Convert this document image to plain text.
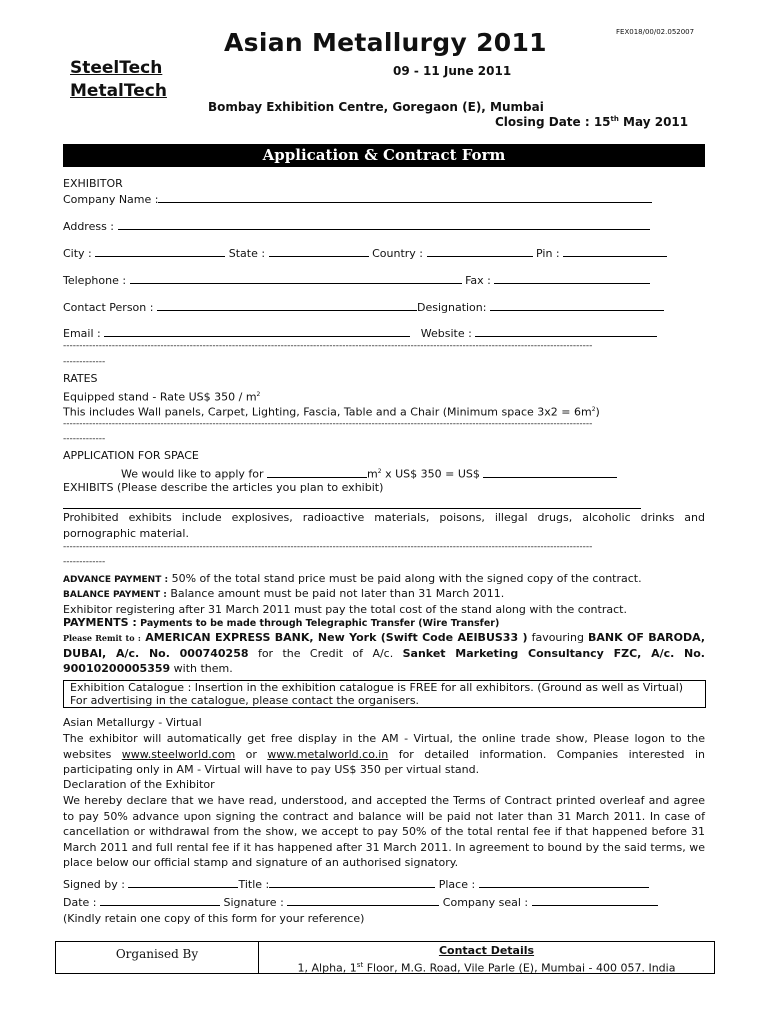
Asian Metallurgy 2011	FEX018/00/02.052007
SteelTech
MetalTech
09 - 11 June 2011
Bombay Exhibition Centre, Goregaon (E), Mumbai
Closing Date : 15th May 2011
Application & Contract Form
EXHIBITOR
Company Name :
Address :
City :	State :	Country :	Pin :
Telephone :	Fax :
Contact Person :	Designation:
Email :	Website :
-------------------------------------------------------------------------------------------------------------------------------------------------------------------
-------------
RATES
Equipped stand - Rate US$ $350 / m^2$
This includes Wall panels, Carpet, Lighting, Fascia, Table and a Chair (Minimum space $3x2 = 6m^2$)
-------------------------------------------------------------------------------------------------------------------------------------------------------------------
-------------
APPLICATION FOR SPACE
We would like to apply for	$m^2$ x US$ 350 = US$
EXHIBITS (Please describe the articles you plan to exhibit)
Prohibited exhibits include explosives, radioactive materials, poisons, illegal drugs, alcoholic drinks and pornographic material.
-------------------------------------------------------------------------------------------------------------------------------------------------------------------
-------------
ADVANCE PAYMENT : 50% of the total stand price must be paid along with the signed copy of the contract.
BALANCE PAYMENT : Balance amount must be paid not later than 31 March 2011.
Exhibitor registering after 31 March 2011 must pay the total cost of the stand along with the contract.
PAYMENTS : Payments to be made through Telegraphic Transfer (Wire Transfer)
Please Remit to : AMERICAN EXPRESS BANK, New York (Swift Code AEIBUS33 ) favouring BANK OF BARODA, DUBAI, A/c. No. 000740258 for the Credit of A/c. Sanket Marketing Consultancy FZC, A/c. No. 90010200005359 with them.
Exhibition Catalogue : Insertion in the exhibition catalogue is FREE for all exhibitors. (Ground as well as Virtual)
For advertising in the catalogue, please contact the organisers.
Asian Metallurgy - Virtual
The exhibitor will automatically get free display in the AM - Virtual, the online trade show, Please logon to the websites www.steelworld.com or www.metalworld.co.in for detailed information. Companies interested in participating only in AM - Virtual will have to pay US$ 350 per virtual stand.
Declaration of the Exhibitor
We hereby declare that we have read, understood, and accepted the Terms of Contract printed overleaf and agree to pay 50% advance upon signing the contract and balance will be paid not later than 31 March 2011. In case of cancellation or withdrawal from the show, we accept to pay 50% of the total rental fee if that happened before 31 March 2011 and full rental fee if it has happened after 31 March 2011. In agreement to bound by the said terms, we place below our official stamp and signature of an authorised signatory.
Signed by :	Title :	Place :
Date :	Signature :	Company seal :
(Kindly retain one copy of this form for your reference)
Organised By	Contact Details
1, Alpha, 1st Floor, M.G. Road, Vile Parle (E), Mumbai - 400 057. India
